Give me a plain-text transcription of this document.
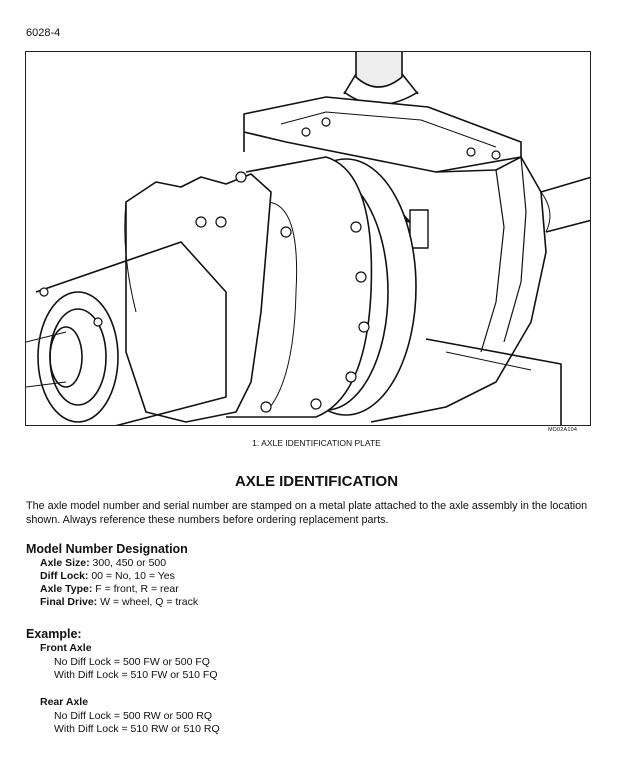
6028-4
MD02A104
1. AXLE IDENTIFICATION PLATE
AXLE IDENTIFICATION
The axle model number and serial number are stamped on a metal plate attached to the axle assembly in the location shown. Always reference these numbers before ordering replacement parts.
Model Number Designation
Axle Size: 300, 450 or 500
Diff Lock: 00 = No, 10 = Yes
Axle Type: F = front, R = rear
Final Drive: W = wheel, Q = track
Example:
Front Axle
No Diff Lock = 500 FW or 500 FQ
With Diff Lock = 510 FW or 510 FQ
Rear Axle
No Diff Lock = 500 RW or 500 RQ
With Diff Lock = 510 RW or 510 RQ
